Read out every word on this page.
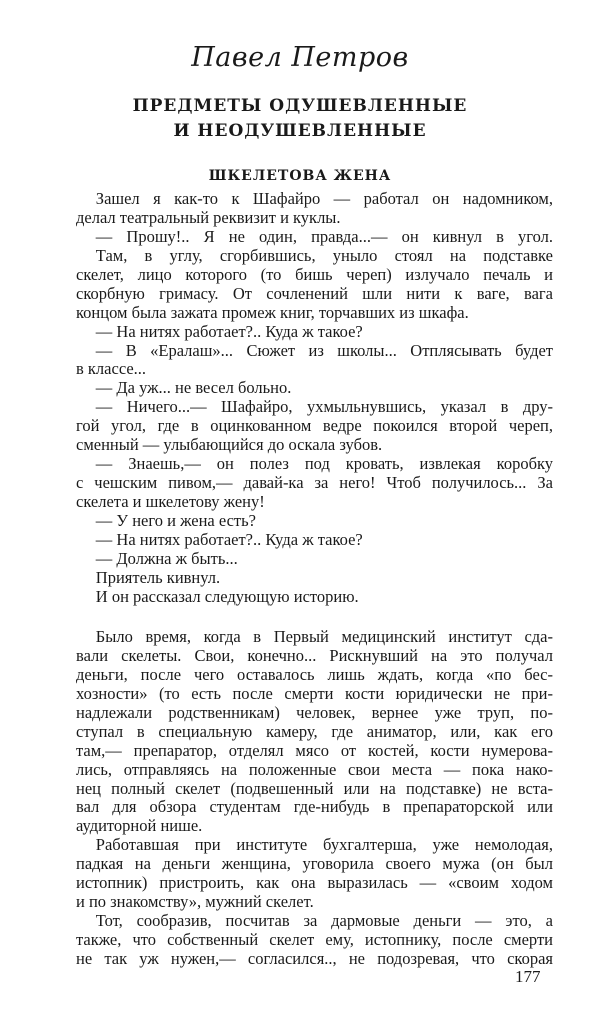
Павел Петров
ПРЕДМЕТЫ ОДУШЕВЛЕННЫЕ
И НЕОДУШЕВЛЕННЫЕ
ШКЕЛЕТОВА ЖЕНА
Зашел я как-то к Шафайро — работал он надомником,
делал театральный реквизит и куклы.
— Прошу!.. Я не один, правда...— он кивнул в угол.
Там, в углу, сгорбившись, уныло стоял на подставке
скелет, лицо которого (то бишь череп) излучало печаль и
скорбную гримасу. От сочленений шли нити к ваге, вага
концом была зажата промеж книг, торчавших из шкафа.
— На нитях работает?.. Куда ж такое?
— В «Ералаш»... Сюжет из школы... Отплясывать будет
в классе...
— Да уж... не весел больно.
— Ничего...— Шафайро, ухмыльнувшись, указал в дру-
гой угол, где в оцинкованном ведре покоился второй череп,
сменный — улыбающийся до оскала зубов.
— Знаешь,— он полез под кровать, извлекая коробку
с чешским пивом,— давай-ка за него! Чтоб получилось... За
скелета и шкелетову жену!
— У него и жена есть?
— На нитях работает?.. Куда ж такое?
— Должна ж быть...
Приятель кивнул.
И он рассказал следующую историю.
Было время, когда в Первый медицинский институт сда-
вали скелеты. Свои, конечно... Рискнувший на это получал
деньги, после чего оставалось лишь ждать, когда «по бес-
хозности» (то есть после смерти кости юридически не при-
надлежали родственникам) человек, вернее уже труп, по-
ступал в специальную камеру, где аниматор, или, как его
там,— препаратор, отделял мясо от костей, кости нумерова-
лись, отправляясь на положенные свои места — пока нако-
нец полный скелет (подвешенный или на подставке) не вста-
вал для обзора студентам где-нибудь в препараторской или
аудиторной нише.
Работавшая при институте бухгалтерша, уже немолодая,
падкая на деньги женщина, уговорила своего мужа (он был
истопник) пристроить, как она выразилась — «своим ходом
и по знакомству», мужний скелет.
Тот, сообразив, посчитав за дармовые деньги — это, а
также, что собственный скелет ему, истопнику, после смерти
не так уж нужен,— согласился.., не подозревая, что скорая
177
